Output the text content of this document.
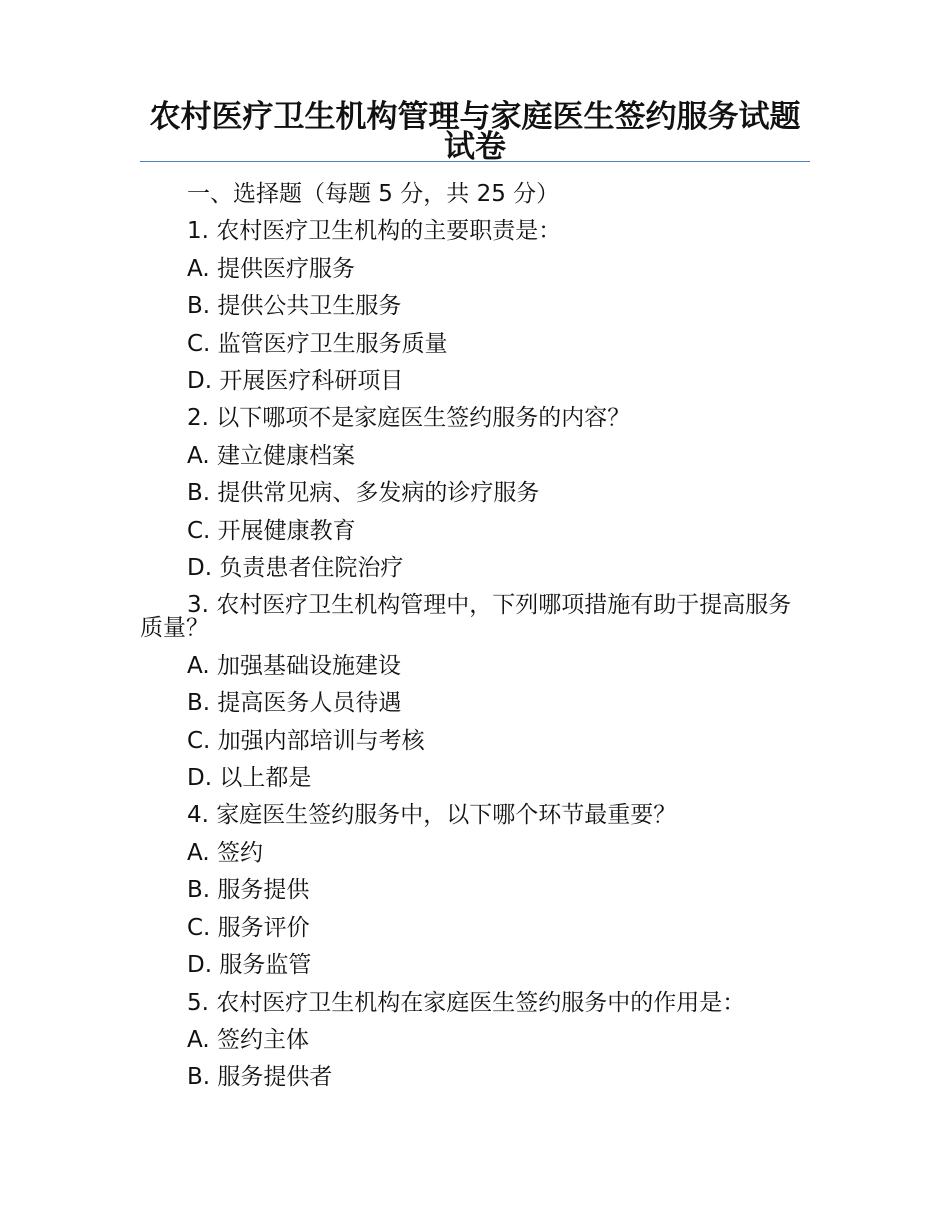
农村医疗卫生机构管理与家庭医生签约服务试题试卷
一、选择题（每题 5 分，共 25 分）
1. 农村医疗卫生机构的主要职责是：
A. 提供医疗服务
B. 提供公共卫生服务
C. 监管医疗卫生服务质量
D. 开展医疗科研项目
2. 以下哪项不是家庭医生签约服务的内容？
A. 建立健康档案
B. 提供常见病、多发病的诊疗服务
C. 开展健康教育
D. 负责患者住院治疗
3. 农村医疗卫生机构管理中，下列哪项措施有助于提高服务质量？
A. 加强基础设施建设
B. 提高医务人员待遇
C. 加强内部培训与考核
D. 以上都是
4. 家庭医生签约服务中，以下哪个环节最重要？
A. 签约
B. 服务提供
C. 服务评价
D. 服务监管
5. 农村医疗卫生机构在家庭医生签约服务中的作用是：
A. 签约主体
B. 服务提供者
